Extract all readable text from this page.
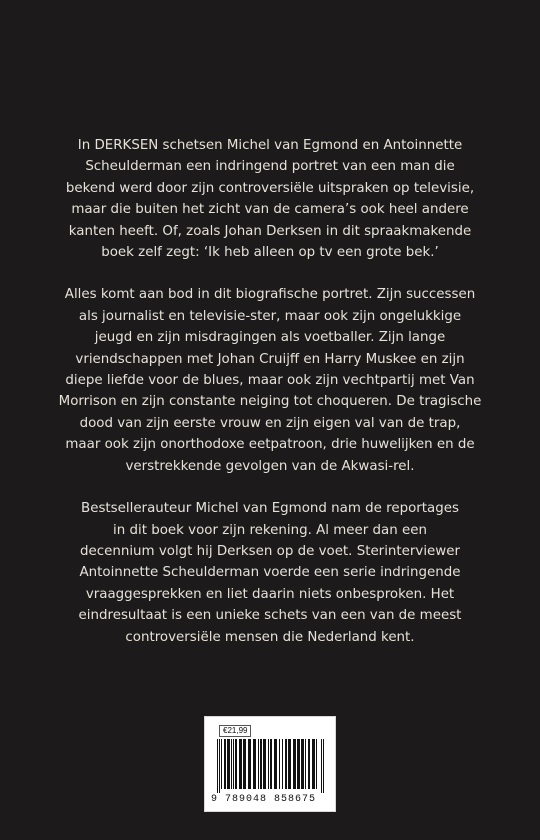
In DERKSEN schetsen Michel van Egmond en Antoinnette
Scheulderman een indringend portret van een man die
bekend werd door zijn controversiële uitspraken op televisie,
maar die buiten het zicht van de camera’s ook heel andere
kanten heeft. Of, zoals Johan Derksen in dit spraakmakende
boek zelf zegt: ‘Ik heb alleen op tv een grote bek.’

Alles komt aan bod in dit biografische portret. Zijn successen
als journalist en televisie-ster, maar ook zijn ongelukkige
jeugd en zijn misdragingen als voetballer. Zijn lange
vriendschappen met Johan Cruijff en Harry Muskee en zijn
diepe liefde voor de blues, maar ook zijn vechtpartij met Van
Morrison en zijn constante neiging tot choqueren. De tragische
dood van zijn eerste vrouw en zijn eigen val van de trap,
maar ook zijn onorthodoxe eetpatroon, drie huwelijken en de
verstrekkende gevolgen van de Akwasi-rel.

Bestsellerauteur Michel van Egmond nam de reportages
in dit boek voor zijn rekening. Al meer dan een
decennium volgt hij Derksen op de voet. Sterinterviewer
Antoinnette Scheulderman voerde een serie indringende
vraaggesprekken en liet daarin niets onbesproken. Het
eindresultaat is een unieke schets van een van de meest
controversiële mensen die Nederland kent.

€21,99
9 789048 858675
